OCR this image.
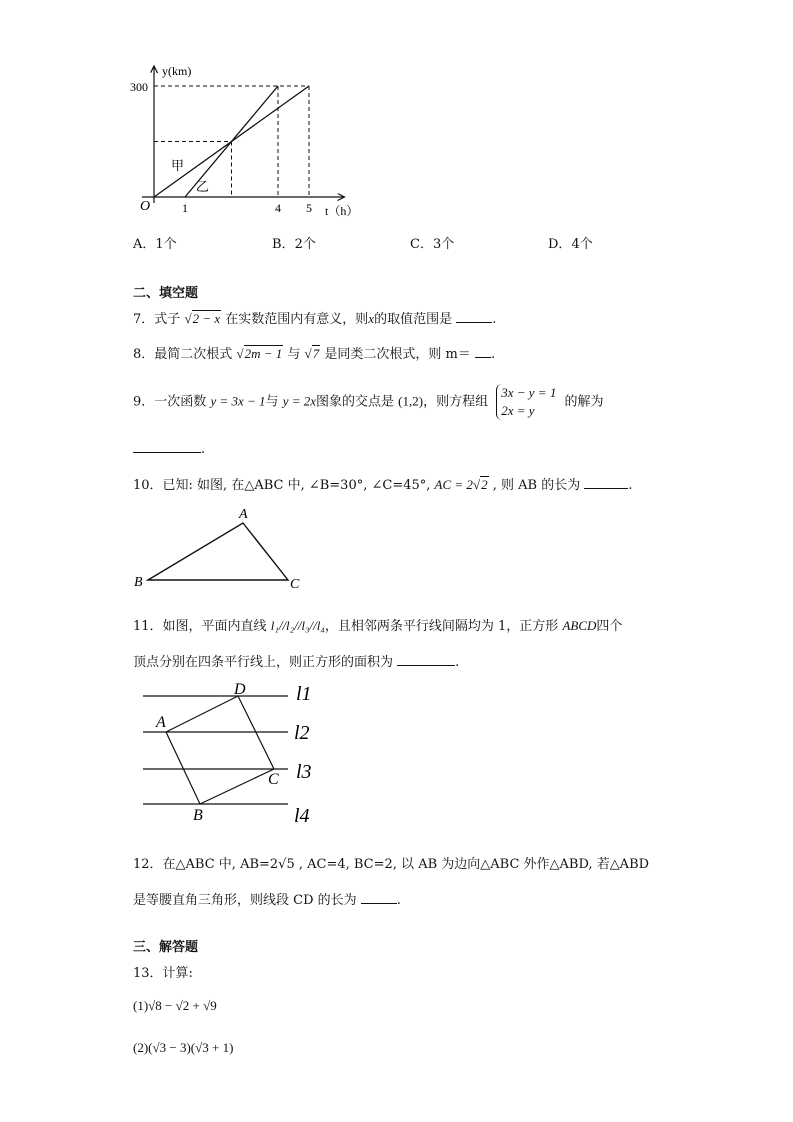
甲
乙
300
1	4 5
O
y(km)
t（h）
A．1个	B．2个	C．3个	D．4个
二、填空题
7．式子 √2 − x 在实数范围内有意义，则x的取值范围是	.
8．最简二次根式 √2m − 1 与 √7 是同类二次根式，则 m＝ .
9．一次函数 y = 3x − 1与 y = 2x图象的交点是 (1,2)，则方程组
3x − y = 1
2x = y
的解为
.
10．已知: 如图, 在△ABC 中, ∠B=30°, ∠C=45°, AC = 2√2 , 则 AB 的长为	.
A
B	C
11．如图，平面内直线 l₁//l₂//l₃//l₄，且相邻两条平行线间隔均为 1，正方形 ABCD四个
顶点分别在四条平行线上，则正方形的面积为	.
D
A
C
B
l1
l2
l3
l4
12．在△ABC 中, AB=2√5 , AC=4, BC=2, 以 AB 为边向△ABC 外作△ABD, 若△ABD
是等腰直角三角形，则线段 CD 的长为	.
三、解答题
13．计算:
(1)√8 − √2 + √9
(2)(√3 − 3)(√3 + 1)
